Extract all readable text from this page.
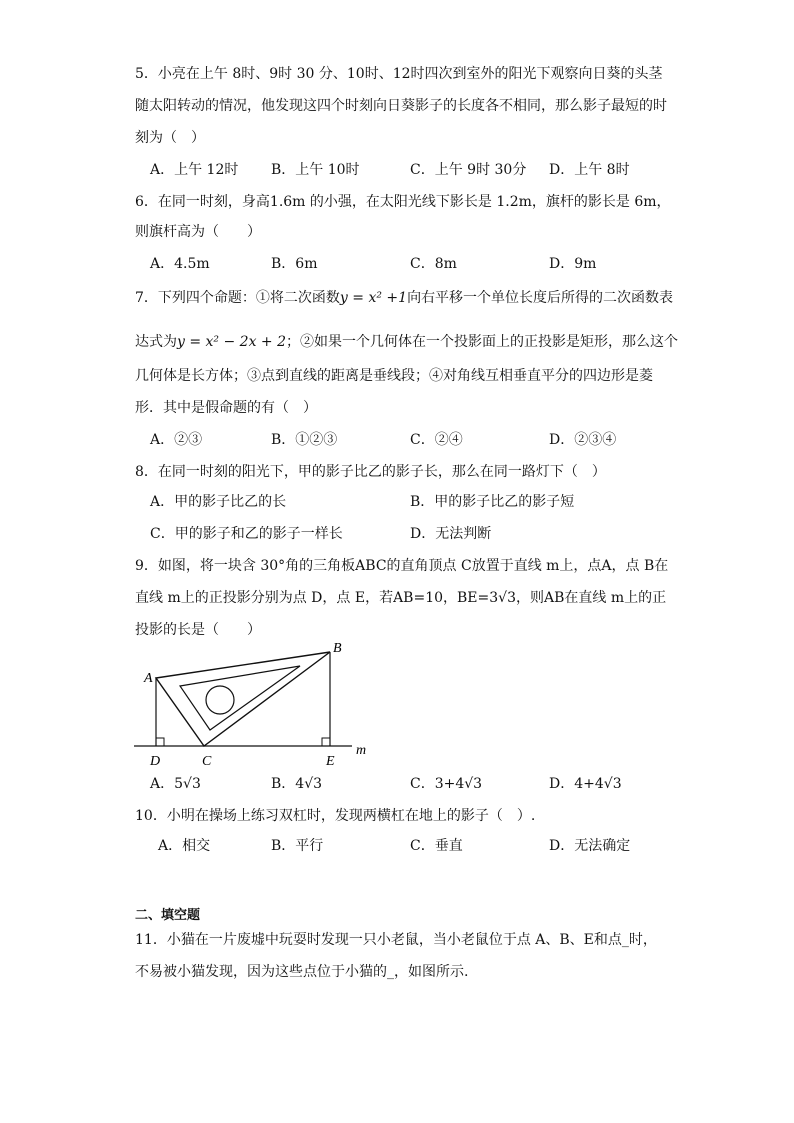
5．小亮在上午 8时、9时 30 分、10时、12时四次到室外的阳光下观察向日葵的头茎
随太阳转动的情况，他发现这四个时刻向日葵影子的长度各不相同，那么影子最短的时
刻为（　）
A．上午 12时 B．上午 10时	C．上午 9时 30分 D．上午 8时
6．在同一时刻，身高1.6m 的小强，在太阳光线下影长是 1.2m，旗杆的影长是 6m，
则旗杆高为（　　）
A．4.5m	B．6m	C．8m	D．9m
7．下列四个命题：①将二次函数y = x² +1向右平移一个单位长度后所得的二次函数表
达式为y = x² − 2x + 2；②如果一个几何体在一个投影面上的正投影是矩形，那么这个
几何体是长方体；③点到直线的距离是垂线段；④对角线互相垂直平分的四边形是菱
形．其中是假命题的有（　）
A．②③	B．①②③	C．②④	D．②③④
8．在同一时刻的阳光下，甲的影子比乙的影子长，那么在同一路灯下（　）
A．甲的影子比乙的长	B．甲的影子比乙的影子短
C．甲的影子和乙的影子一样长	D．无法判断
9．如图，将一块含 30°角的三角板ABC的直角顶点 C放置于直线 m上，点A，点 B在
直线 m上的正投影分别为点 D，点 E，若AB=10，BE=3√3，则AB在直线 m上的正
投影的长是（　　）
A
B
C
D	E
m
A．5√3	B．4√3	C．3+4√3	D．4+4√3
10．小明在操场上练习双杠时，发现两横杠在地上的影子（　）.
A．相交	B．平行	C．垂直	D．无法确定
二、填空题
11．小猫在一片废墟中玩耍时发现一只小老鼠，当小老鼠位于点 A、B、E和点_时，
不易被小猫发现，因为这些点位于小猫的_，如图所示.
